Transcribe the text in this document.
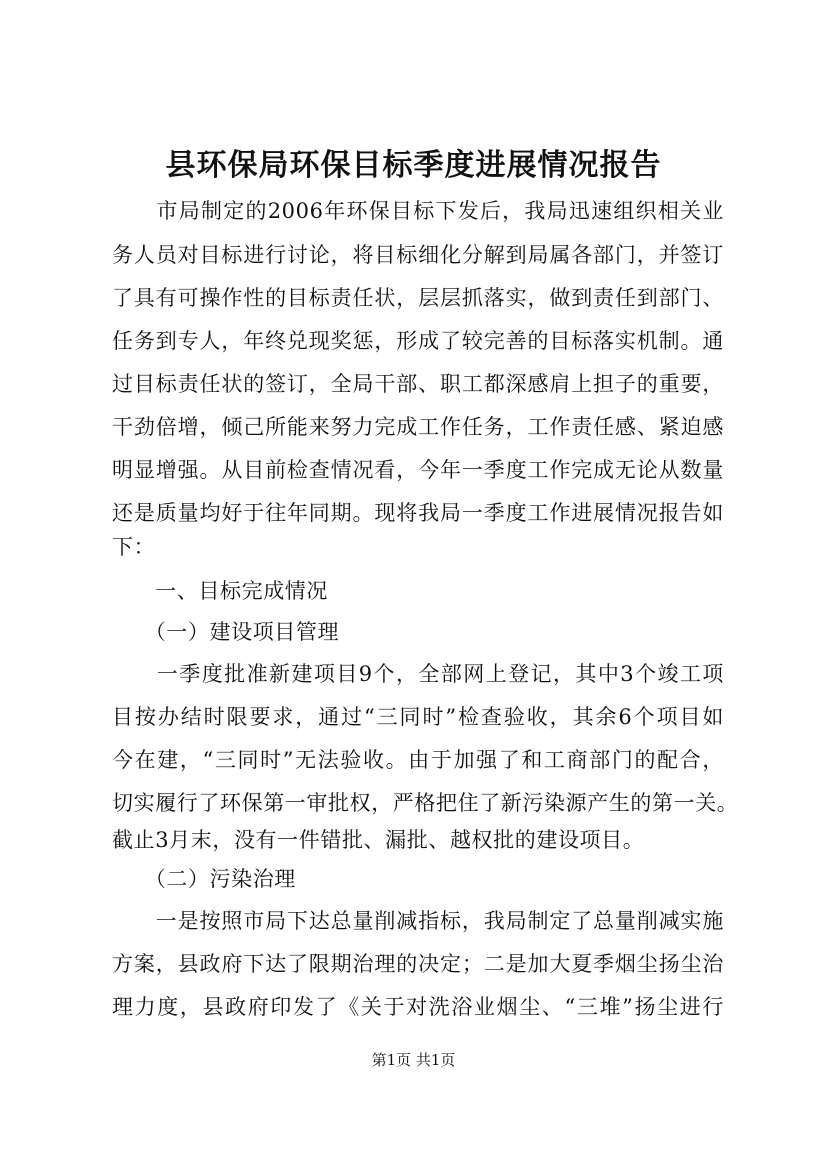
县环保局环保目标季度进展情况报告
　　市局制定的2006年环保目标下发后，我局迅速组织相关业
务人员对目标进行讨论，将目标细化分解到局属各部门，并签订
了具有可操作性的目标责任状，层层抓落实，做到责任到部门、
任务到专人，年终兑现奖惩，形成了较完善的目标落实机制。通
过目标责任状的签订，全局干部、职工都深感肩上担子的重要，
干劲倍增，倾己所能来努力完成工作任务，工作责任感、紧迫感
明显增强。从目前检查情况看，今年一季度工作完成无论从数量
还是质量均好于往年同期。现将我局一季度工作进展情况报告如
下：
　　一、目标完成情况
　　（一）建设项目管理
　　一季度批准新建项目9个，全部网上登记，其中3个竣工项
目按办结时限要求，通过“三同时”检查验收，其余6个项目如
今在建，“三同时”无法验收。由于加强了和工商部门的配合，
切实履行了环保第一审批权，严格把住了新污染源产生的第一关。
截止3月末，没有一件错批、漏批、越权批的建设项目。
　　（二）污染治理
　　一是按照市局下达总量削减指标，我局制定了总量削减实施
方案，县政府下达了限期治理的决定；二是加大夏季烟尘扬尘治
理力度，县政府印发了《关于对洗浴业烟尘、“三堆”扬尘进行
第1页 共1页
